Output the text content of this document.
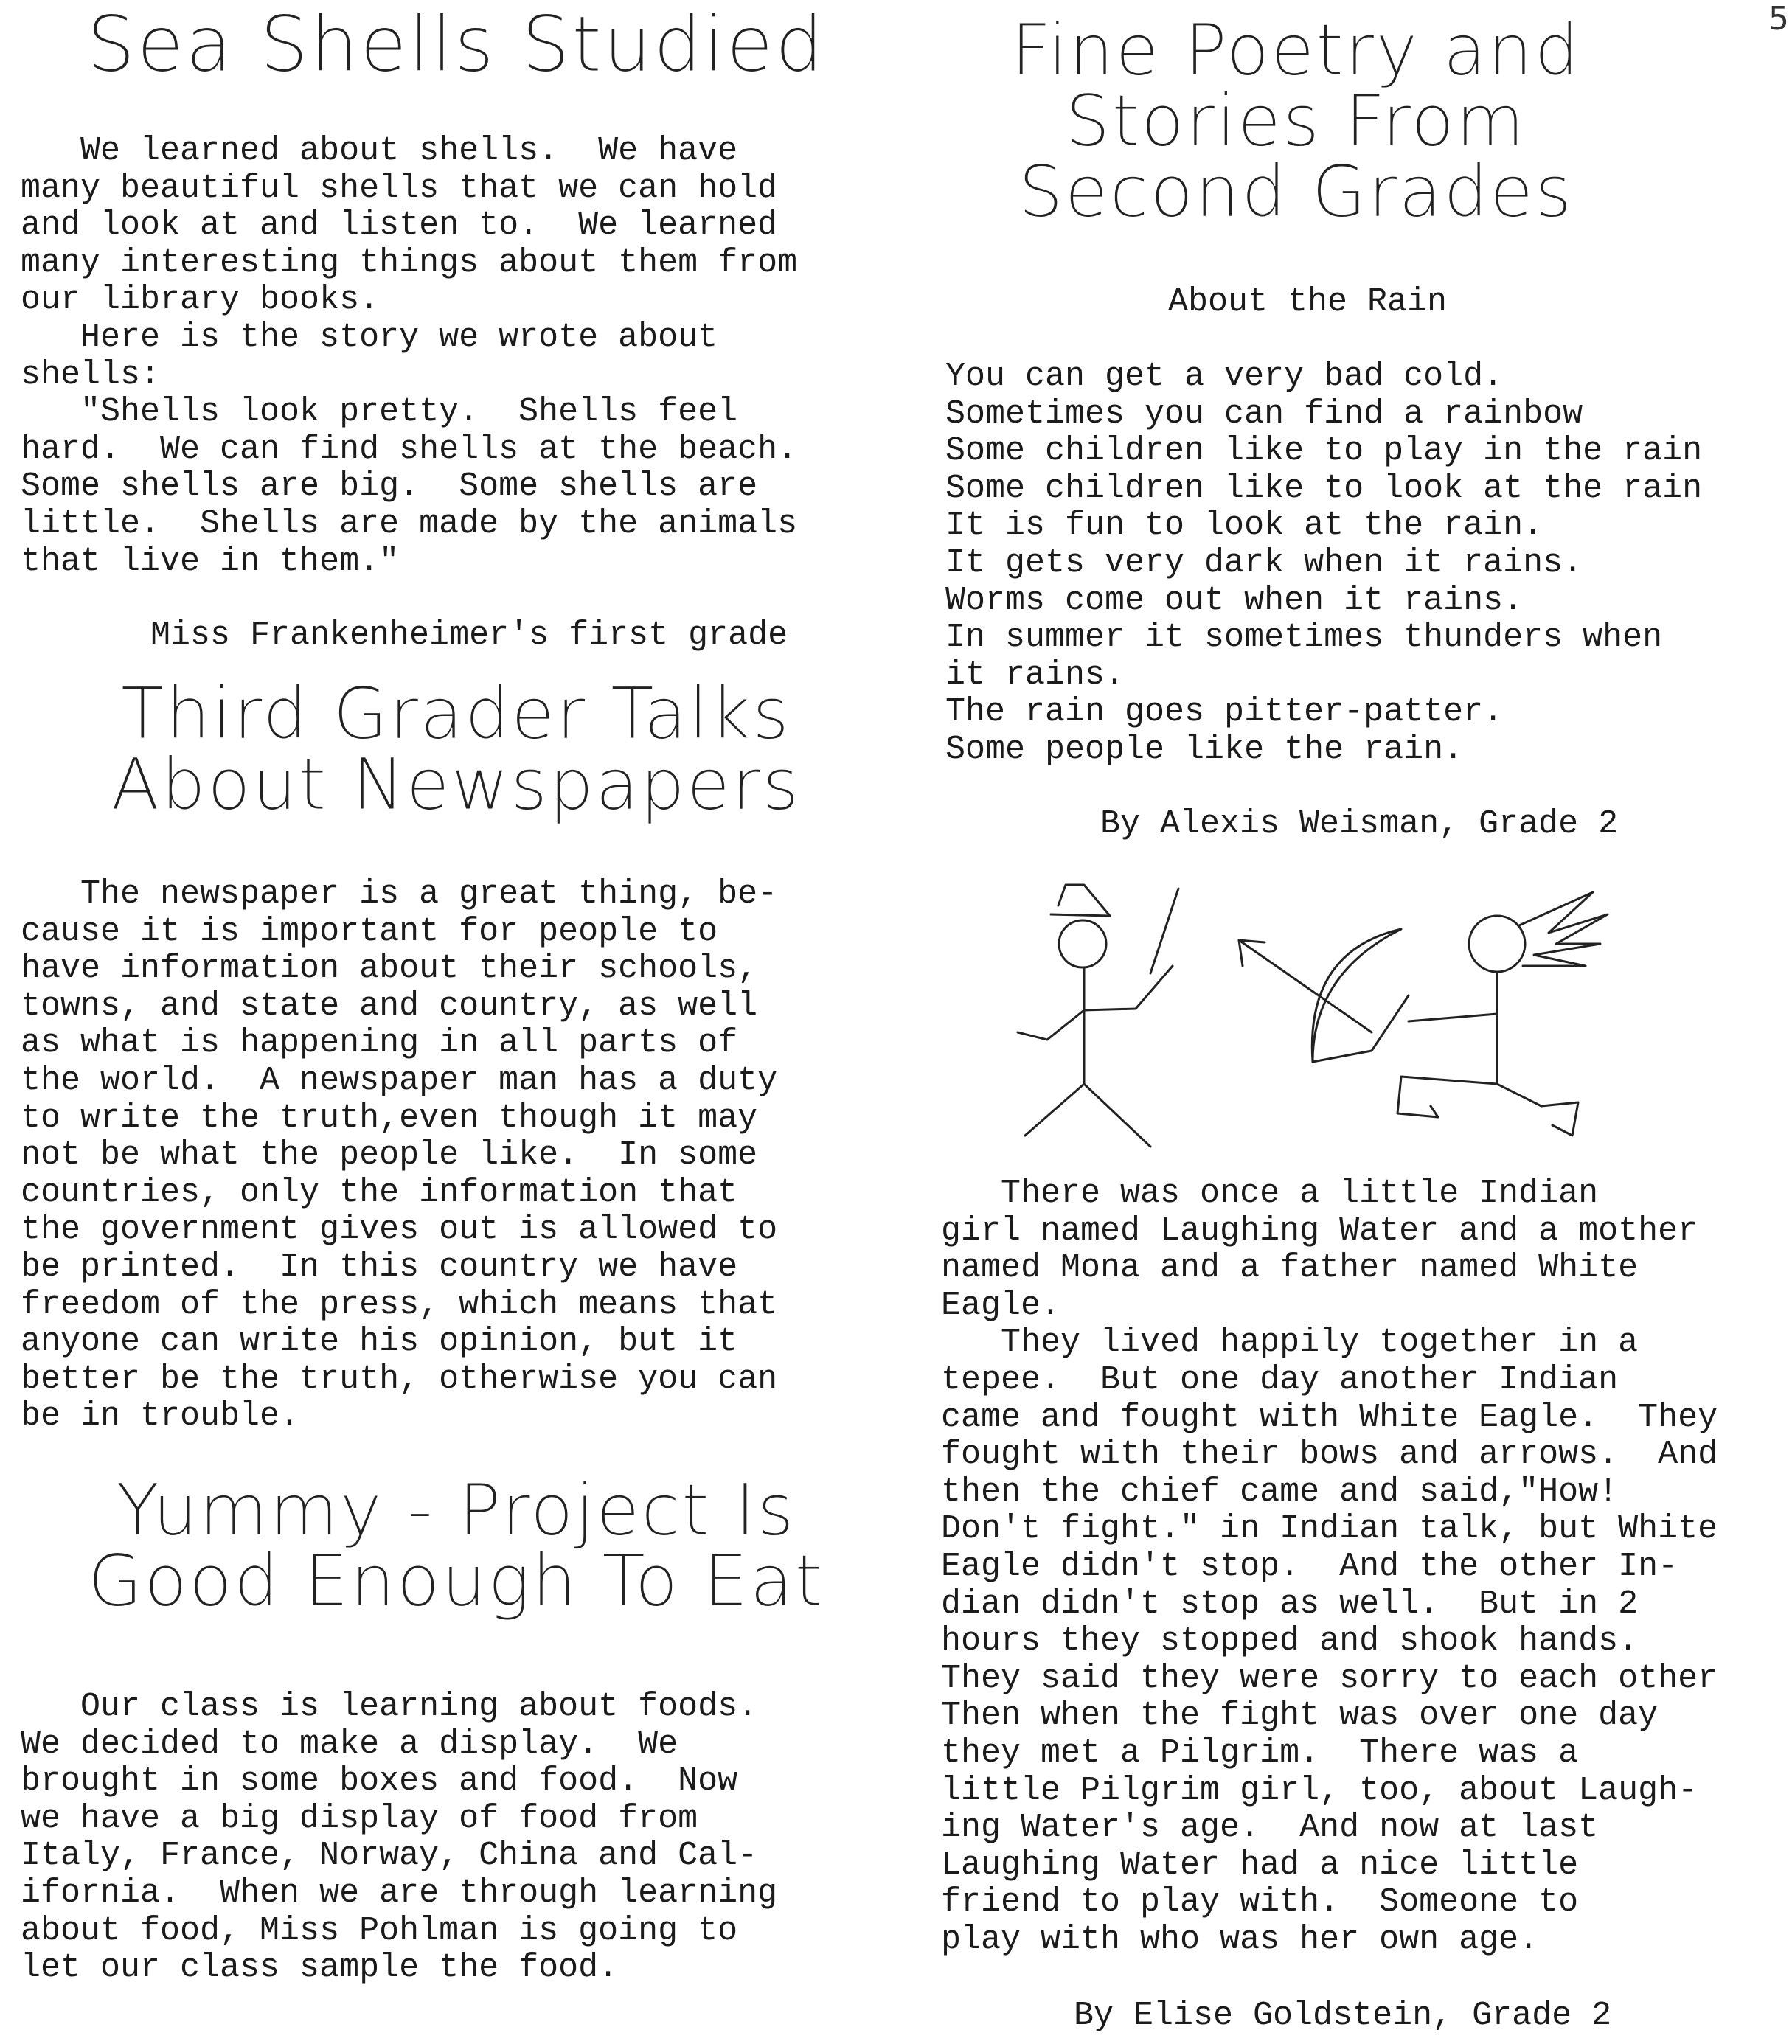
5
Sea Shells Studied
We learned about shells.  We have
many beautiful shells that we can hold
and look at and listen to.  We learned
many interesting things about them from
our library books.
Here is the story we wrote about
shells:
"Shells look pretty.  Shells feel
hard.  We can find shells at the beach.
Some shells are big.  Some shells are
little.  Shells are made by the animals
that live in them."
Miss Frankenheimer's first grade
Third Grader Talks
About Newspapers
The newspaper is a great thing, be-
cause it is important for people to
have information about their schools,
towns, and state and country, as well
as what is happening in all parts of
the world.  A newspaper man has a duty
to write the truth,even though it may
not be what the people like.  In some
countries, only the information that
the government gives out is allowed to
be printed.  In this country we have
freedom of the press, which means that
anyone can write his opinion, but it
better be the truth, otherwise you can
be in trouble.
Yummy - Project Is
Good Enough To Eat
Our class is learning about foods.
We decided to make a display.  We
brought in some boxes and food.  Now
we have a big display of food from
Italy, France, Norway, China and Cal-
ifornia.  When we are through learning
about food, Miss Pohlman is going to
let our class sample the food.
Fine Poetry and
Stories From
Second Grades
About the Rain
You can get a very bad cold.
Sometimes you can find a rainbow
Some children like to play in the rain
Some children like to look at the rain
It is fun to look at the rain.
It gets very dark when it rains.
Worms come out when it rains.
In summer it sometimes thunders when
it rains.
The rain goes pitter-patter.
Some people like the rain.
By Alexis Weisman, Grade 2
There was once a little Indian
girl named Laughing Water and a mother
named Mona and a father named White
Eagle.
They lived happily together in a
tepee.  But one day another Indian
came and fought with White Eagle.  They
fought with their bows and arrows.  And
then the chief came and said,"How!
Don't fight." in Indian talk, but White
Eagle didn't stop.  And the other In-
dian didn't stop as well.  But in 2
hours they stopped and shook hands.
They said they were sorry to each other
Then when the fight was over one day
they met a Pilgrim.  There was a
little Pilgrim girl, too, about Laugh-
ing Water's age.  And now at last
Laughing Water had a nice little
friend to play with.  Someone to
play with who was her own age.
By Elise Goldstein, Grade 2
